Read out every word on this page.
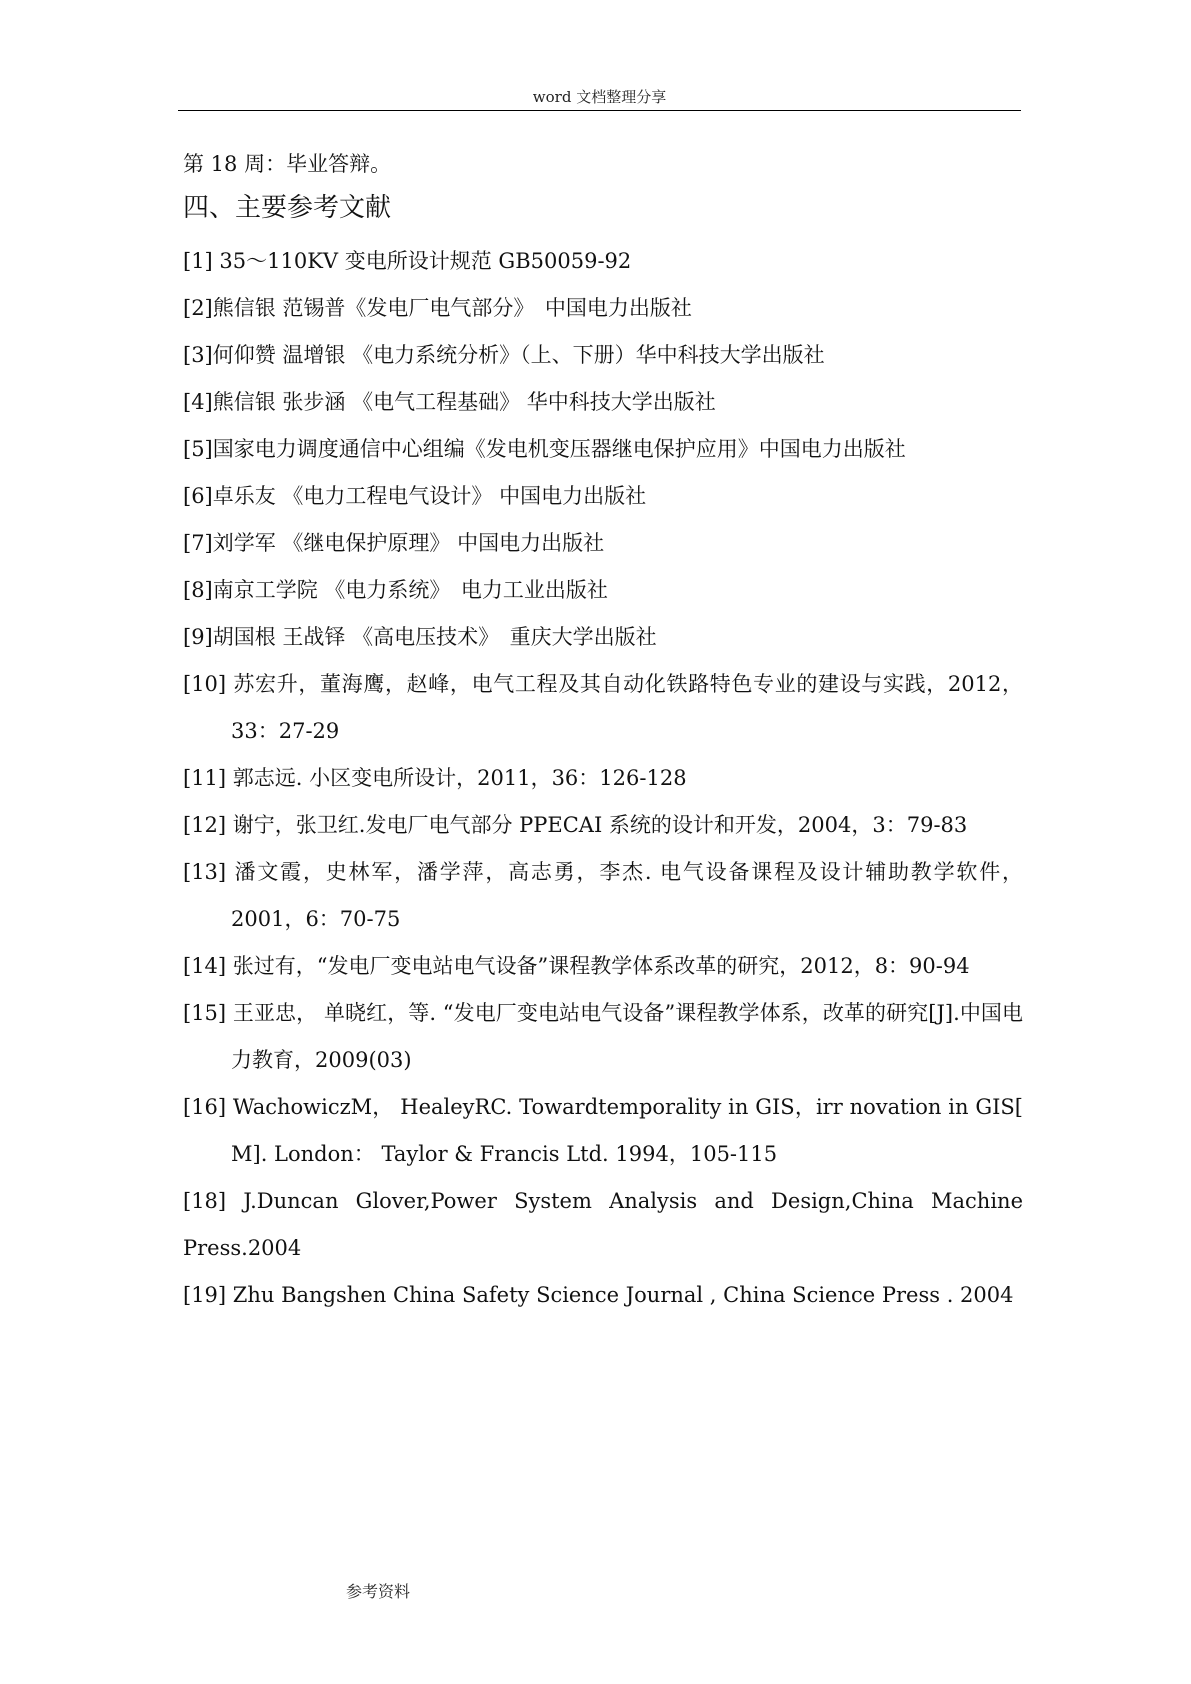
word 文档整理分享
第 18 周：毕业答辩。
四、主要参考文献
[1] 35～110KV 变电所设计规范 GB50059-92
[2]熊信银 范锡普《发电厂电气部分》　中国电力出版社
[3]何仰赞 温增银 《电力系统分析》（上、下册）华中科技大学出版社
[4]熊信银 张步涵 《电气工程基础》 华中科技大学出版社
[5]国家电力调度通信中心组编《发电机变压器继电保护应用》中国电力出版社
[6]卓乐友 《电力工程电气设计》 中国电力出版社
[7]刘学军 《继电保护原理》 中国电力出版社
[8]南京工学院 《电力系统》　电力工业出版社
[9]胡国根 王战铎 《高电压技术》　重庆大学出版社
[10] 苏宏升，董海鹰，赵峰，电气工程及其自动化铁路特色专业的建设与实践，2012，33：27-29
[11] 郭志远. 小区变电所设计，2011，36：126-128
[12] 谢宁，张卫红.发电厂电气部分 PPECAI 系统的设计和开发，2004，3：79-83
[13] 潘文霞，史林军，潘学萍，高志勇，李杰. 电气设备课程及设计辅助教学软件，2001，6：70-75
[14] 张过有，“发电厂变电站电气设备”课程教学体系改革的研究，2012，8：90-94
[15] 王亚忠， 单晓红，等. “发电厂变电站电气设备”课程教学体系，改革的研究[J].中国电力教育，2009(03)
[16] WachowiczM， HealeyRC. Towardtemporality in GIS，irr novation in GIS[ M]. London： Taylor & Francis Ltd. 1994，105-115
[18] J.Duncan Glover,Power System Analysis and Design,China Machine Press.2004
[19] Zhu Bangshen China Safety Science Journal , China Science Press . 2004
参考资料
